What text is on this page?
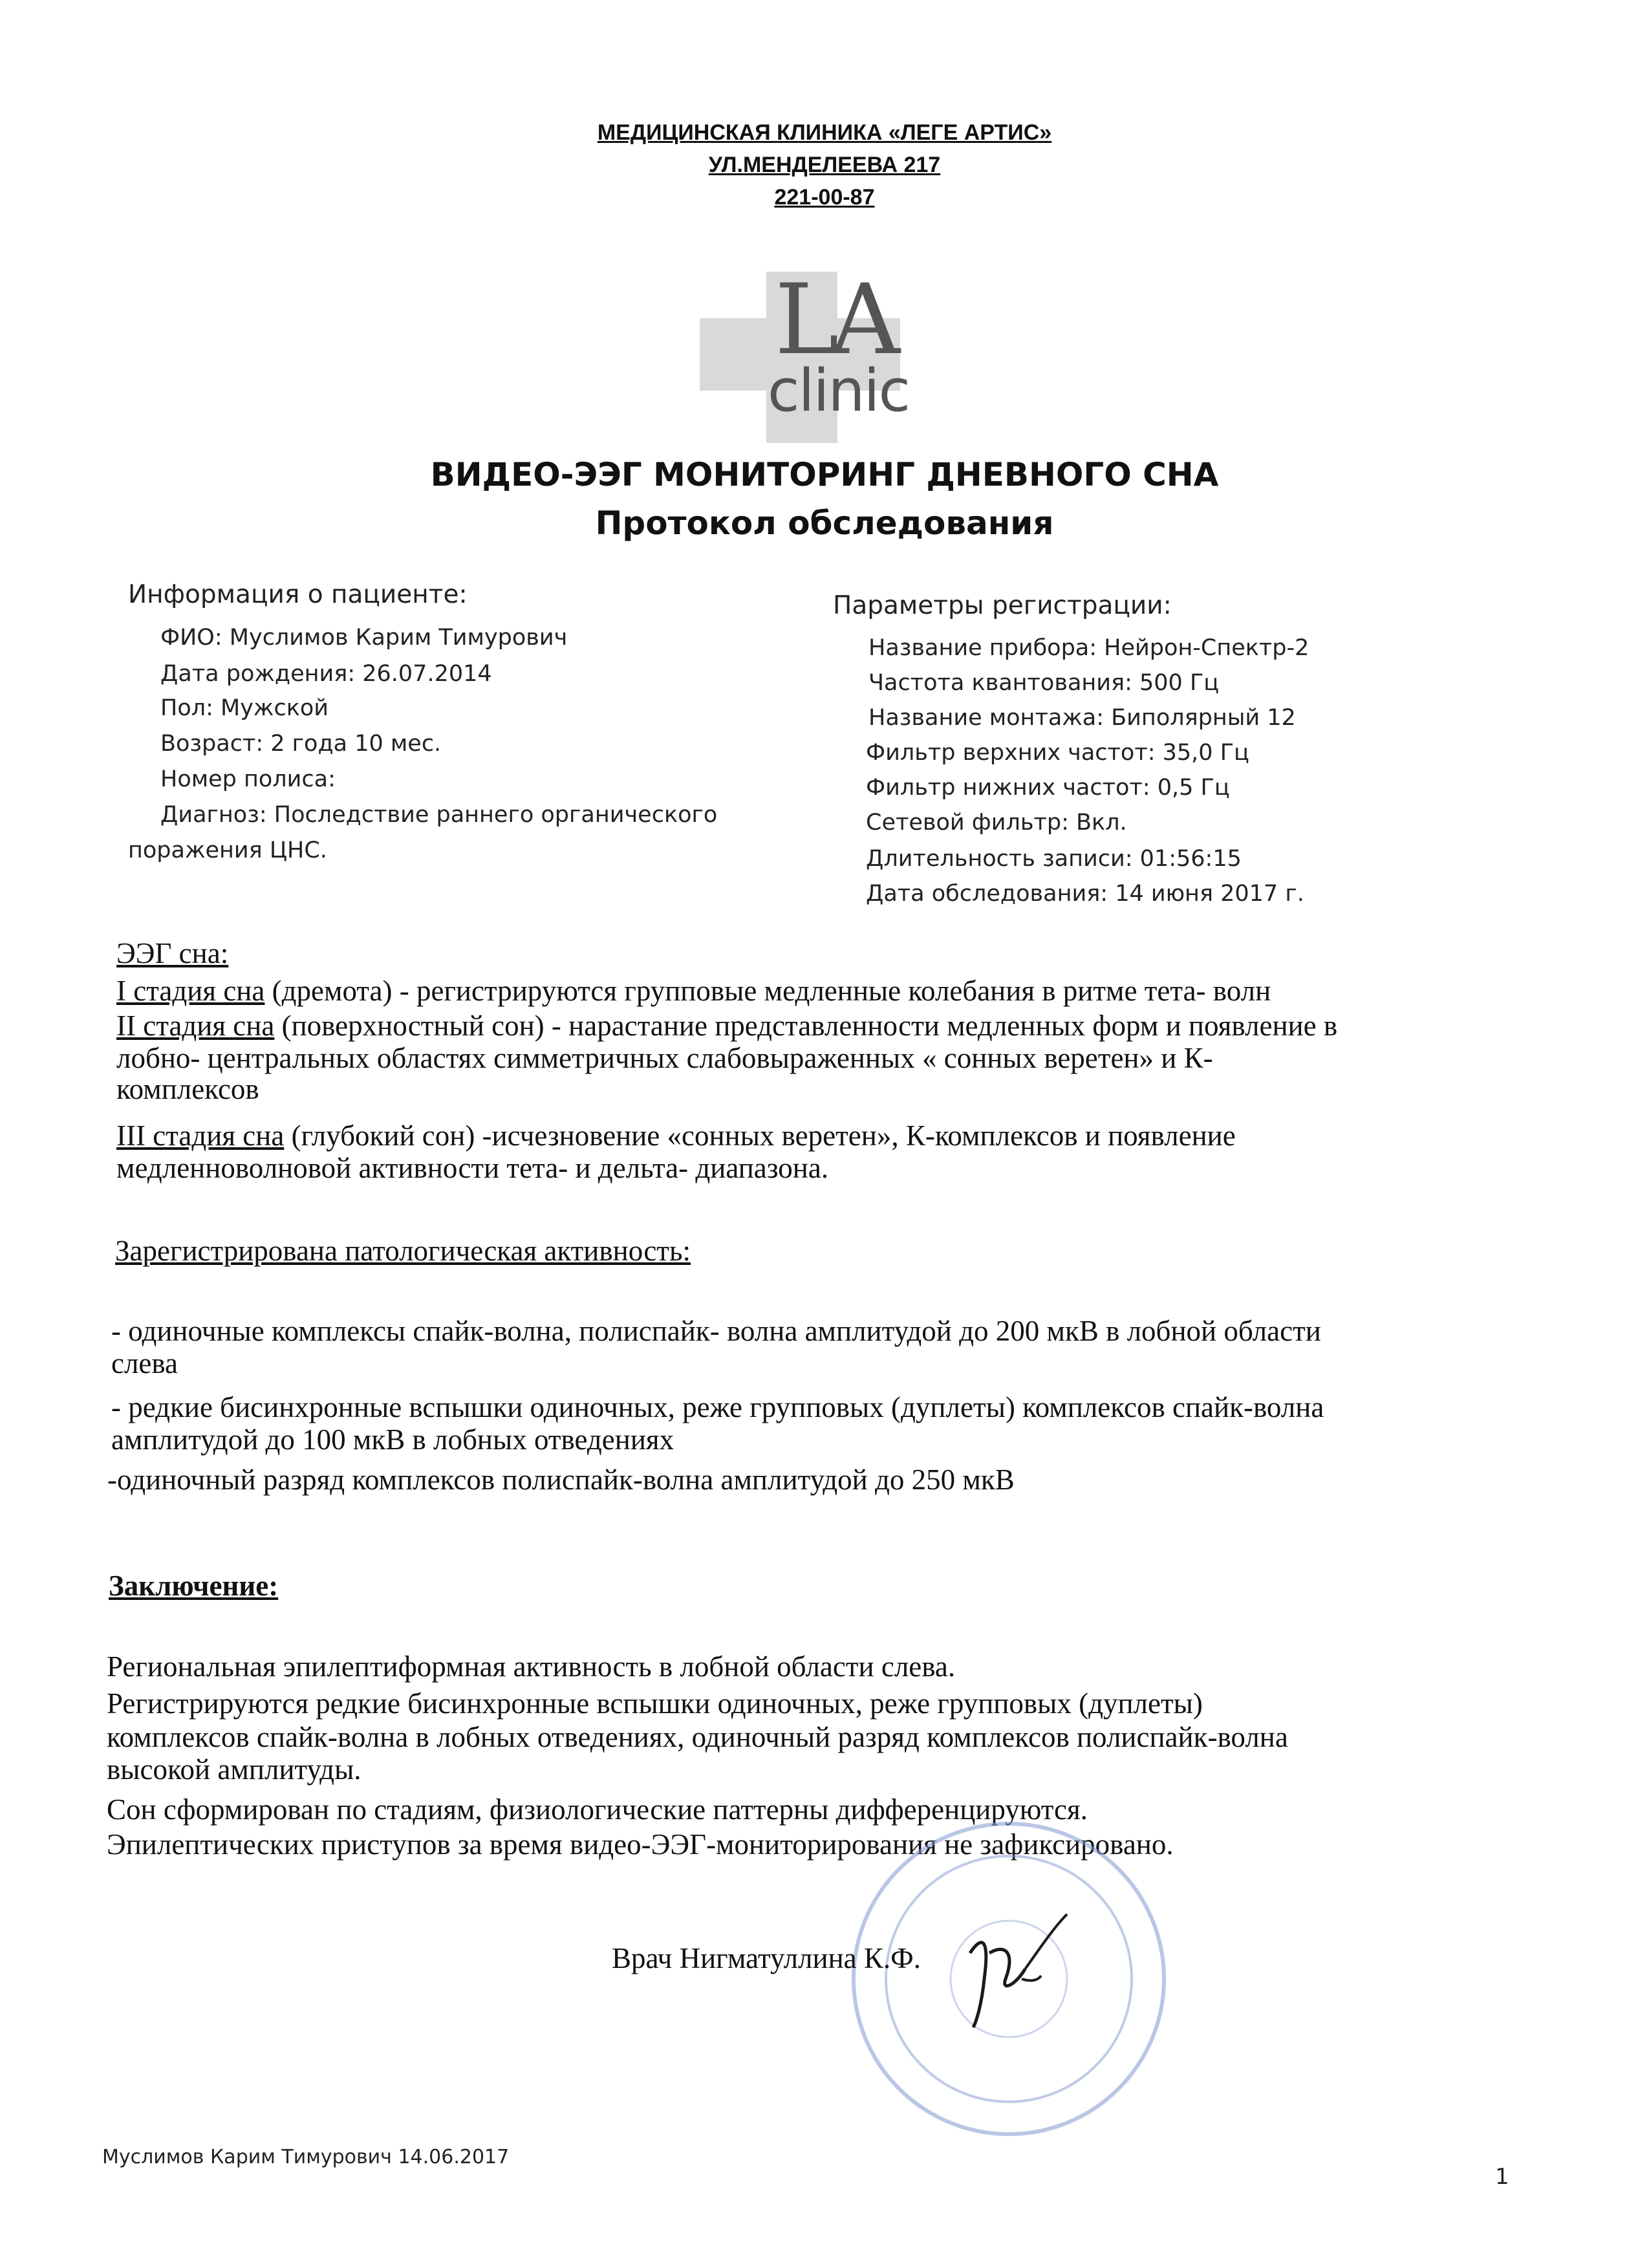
МЕДИЦИНСКАЯ КЛИНИКА «ЛЕГЕ АРТИС»
УЛ.МЕНДЕЛЕЕВА 217
221-00-87
LA
clinic
ВИДЕО-ЭЭГ МОНИТОРИНГ ДНЕВНОГО СНА
Протокол обследования
Информация о пациенте:
ФИО: Муслимов Карим Тимурович
Дата рождения: 26.07.2014
Пол: Мужской
Возраст: 2 года 10 мес.
Номер полиса:
Диагноз: Последствие раннего органического
поражения ЦНС.
Параметры регистрации:
Название прибора: Нейрон-Спектр-2
Частота квантования: 500 Гц
Название монтажа: Биполярный 12
Фильтр верхних частот: 35,0 Гц
Фильтр нижних частот: 0,5 Гц
Сетевой фильтр: Вкл.
Длительность записи: 01:56:15
Дата обследования: 14 июня 2017 г.
ЭЭГ сна:
I стадия сна (дремота) - регистрируются групповые медленные колебания в ритме тета- волн
II стадия сна (поверхностный сон) - нарастание представленности медленных форм и появление в
лобно- центральных областях симметричных слабовыраженных « сонных веретен» и К-
комплексов
III стадия сна (глубокий сон) -исчезновение «сонных веретен», К-комплексов и появление
медленноволновой активности тета- и дельта- диапазона.
Зарегистрирована патологическая активность:
- одиночные комплексы спайк-волна, полиспайк- волна амплитудой до 200 мкВ в лобной области
слева
- редкие бисинхронные вспышки одиночных, реже групповых (дуплеты) комплексов спайк-волна
амплитудой до 100 мкВ в лобных отведениях
-одиночный разряд комплексов полиспайк-волна амплитудой до 250 мкВ
Заключение:
Региональная эпилептиформная активность в лобной области слева.
Регистрируются редкие бисинхронные вспышки одиночных, реже групповых (дуплеты)
комплексов спайк-волна в лобных отведениях, одиночный разряд комплексов полиспайк-волна
высокой амплитуды.
Сон сформирован по стадиям, физиологические паттерны дифференцируются.
Эпилептических приступов за время видео-ЭЭГ-мониторирования не зафиксировано.
Врач Нигматуллина К.Ф.
Муслимов Карим Тимурович 14.06.2017
1
